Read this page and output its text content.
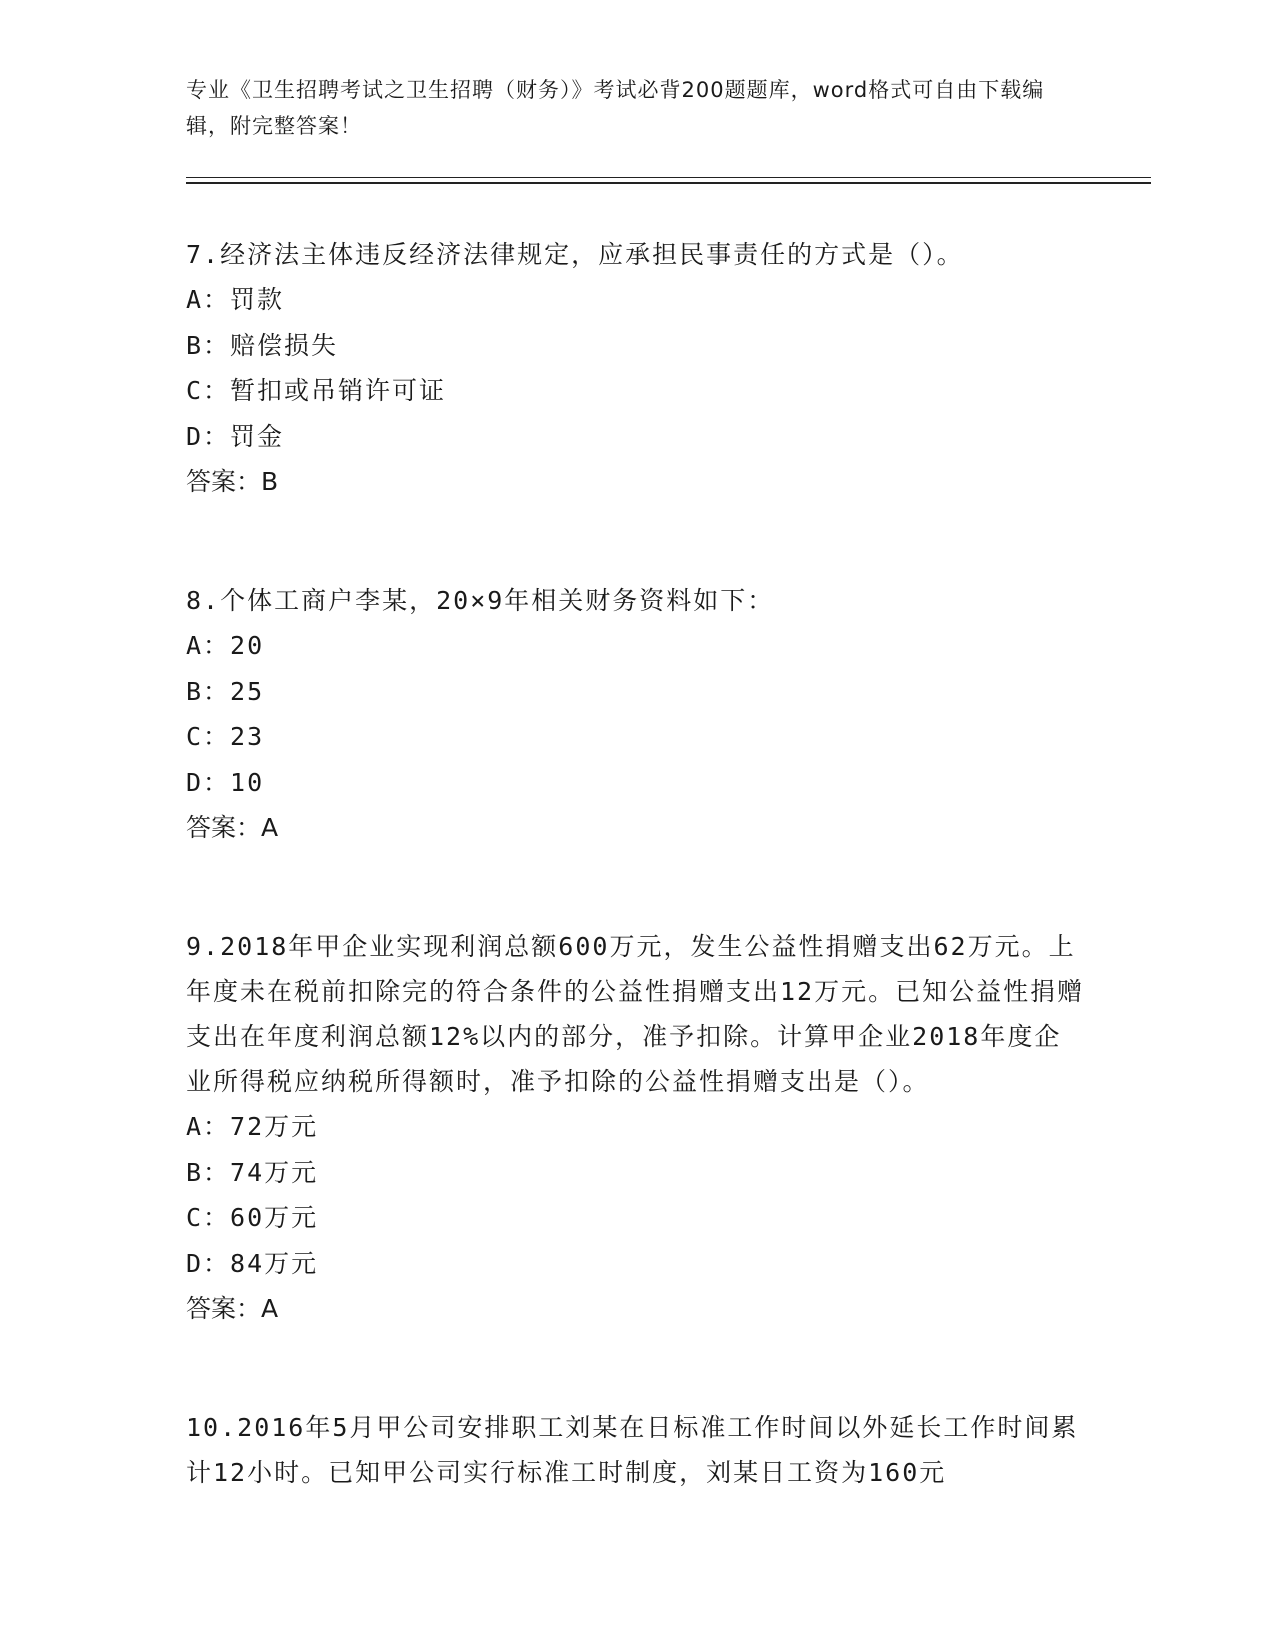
专业《卫生招聘考试之卫生招聘（财务）》考试必背200题题库，word格式可自由下载编辑，附完整答案！

7.经济法主体违反经济法律规定，应承担民事责任的方式是（）。

A：罚款

B：赔偿损失

C：暂扣或吊销许可证

D：罚金

答案：B

8.个体工商户李某，20×9年相关财务资料如下：

A：20

B：25

C：23

D：10

答案：A

9.2018年甲企业实现利润总额600万元，发生公益性捐赠支出62万元。上年度未在税前扣除完的符合条件的公益性捐赠支出12万元。已知公益性捐赠支出在年度利润总额12%以内的部分，准予扣除。计算甲企业2018年度企业所得税应纳税所得额时，准予扣除的公益性捐赠支出是（）。

A：72万元

B：74万元

C：60万元

D：84万元

答案：A

10.2016年5月甲公司安排职工刘某在日标准工作时间以外延长工作时间累计12小时。已知甲公司实行标准工时制度，刘某日工资为160元
